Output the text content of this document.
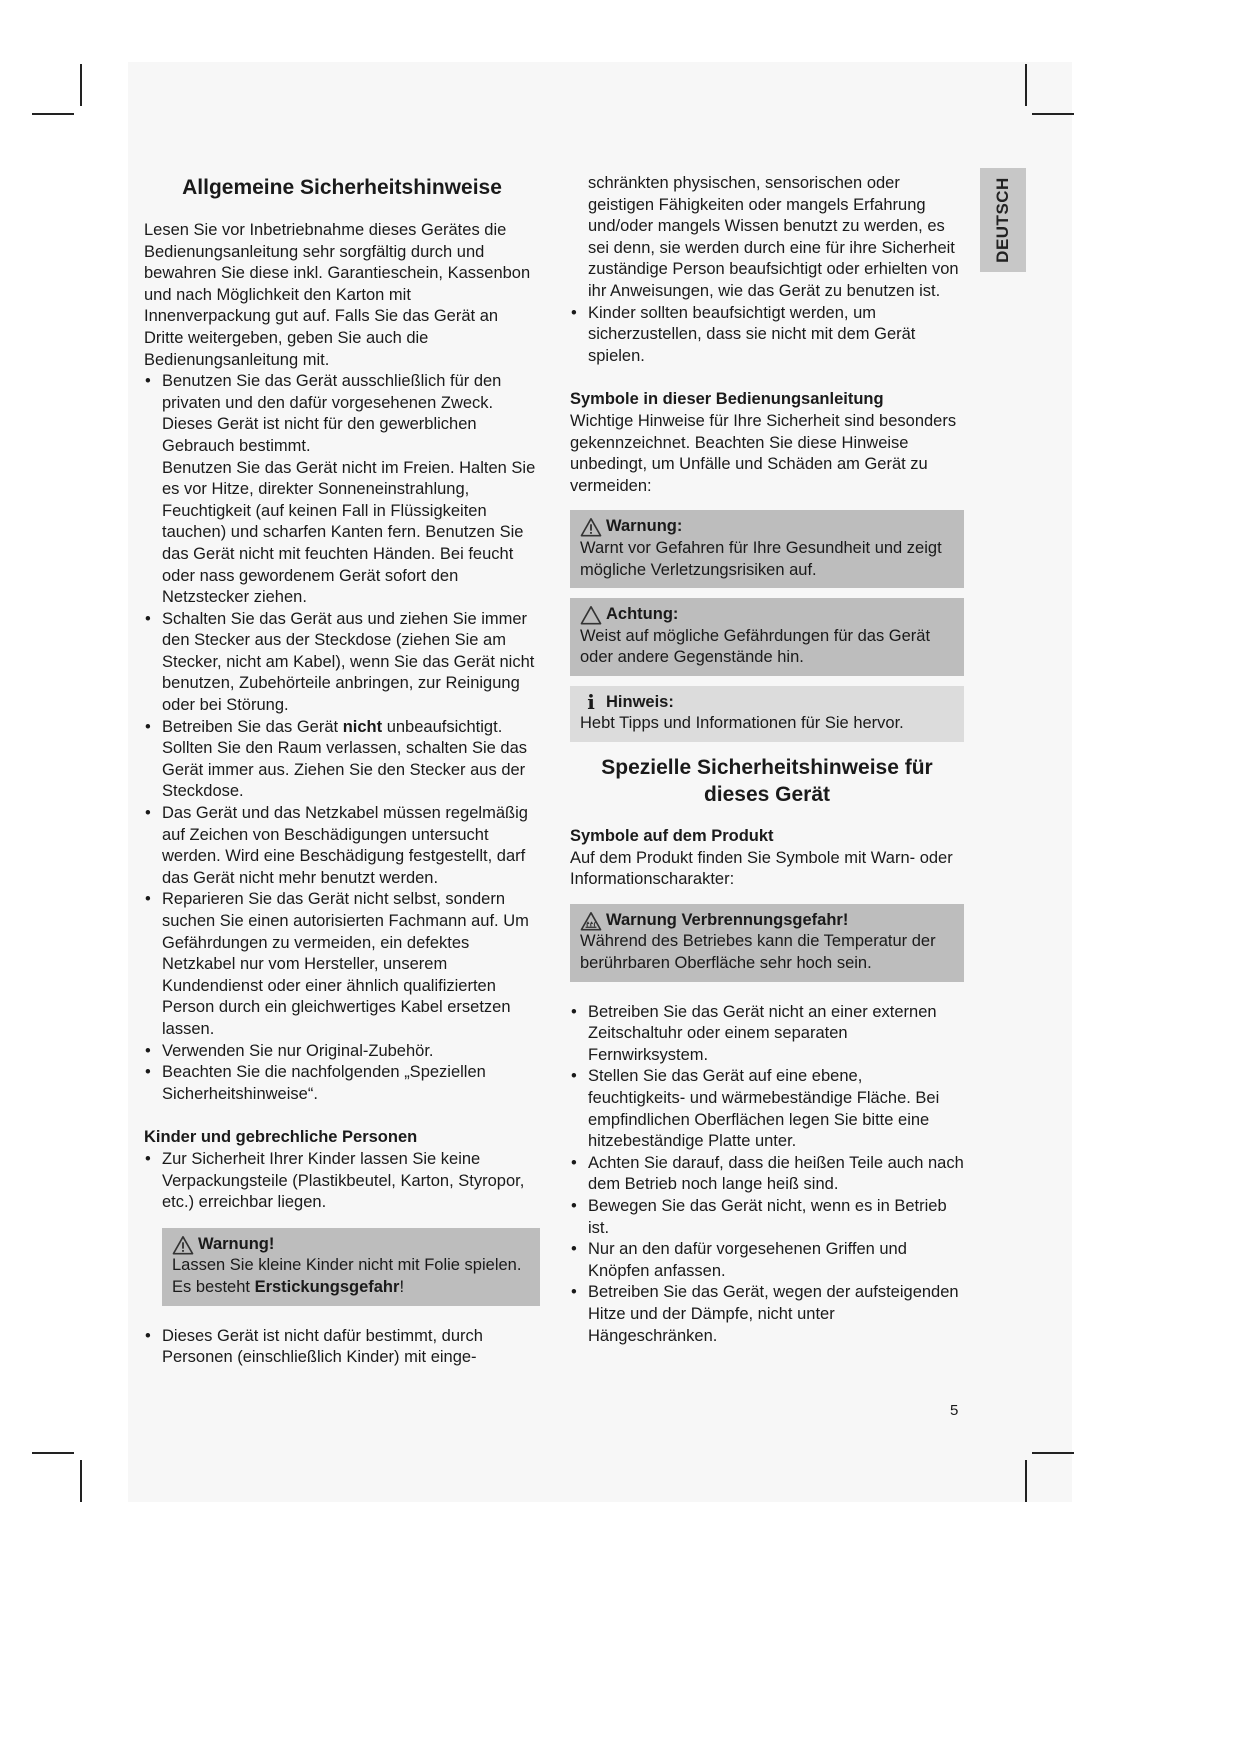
DEUTSCH
Allgemeine Sicherheitshinweise

Lesen Sie vor Inbetriebnahme dieses Gerätes die Bedienungsanleitung sehr sorgfältig durch und bewahren Sie diese inkl. Garantieschein, Kassenbon und nach Möglichkeit den Karton mit Innenverpackung gut auf. Falls Sie das Gerät an Dritte weitergeben, geben Sie auch die Bedienungsanleitung mit.

• Benutzen Sie das Gerät ausschließlich für den privaten und den dafür vorgesehenen Zweck. Dieses Gerät ist nicht für den gewerblichen Gebrauch bestimmt.

Benutzen Sie das Gerät nicht im Freien. Halten Sie es vor Hitze, direkter Sonneneinstrahlung, Feuchtigkeit (auf keinen Fall in Flüssigkeiten tauchen) und scharfen Kanten fern. Benutzen Sie das Gerät nicht mit feuchten Händen. Bei feucht oder nass gewordenem Gerät sofort den Netzstecker ziehen.

• Schalten Sie das Gerät aus und ziehen Sie immer den Stecker aus der Steckdose (ziehen Sie am Stecker, nicht am Kabel), wenn Sie das Gerät nicht benutzen, Zubehörteile anbringen, zur Reinigung oder bei Störung.
• Betreiben Sie das Gerät nicht unbeaufsichtigt. Sollten Sie den Raum verlassen, schalten Sie das Gerät immer aus. Ziehen Sie den Stecker aus der Steckdose.
• Das Gerät und das Netzkabel müssen regelmäßig auf Zeichen von Beschädigungen untersucht werden. Wird eine Beschädigung festgestellt, darf das Gerät nicht mehr benutzt werden.
• Reparieren Sie das Gerät nicht selbst, sondern suchen Sie einen autorisierten Fachmann auf. Um Gefährdungen zu vermeiden, ein defektes Netzkabel nur vom Hersteller, unserem Kundendienst oder einer ähnlich qualifizierten Person durch ein gleichwertiges Kabel ersetzen lassen.
• Verwenden Sie nur Original-Zubehör.
• Beachten Sie die nachfolgenden „Speziellen Sicherheitshinweise“.

Kinder und gebrechliche Personen

• Zur Sicherheit Ihrer Kinder lassen Sie keine Verpackungsteile (Plastikbeutel, Karton, Styropor, etc.) erreichbar liegen.
Warnung!
Lassen Sie kleine Kinder nicht mit Folie spielen. Es besteht Erstickungsgefahr!
• Dieses Gerät ist nicht dafür bestimmt, durch Personen (einschließlich Kinder) mit einge-

schränkten physischen, sensorischen oder geistigen Fähigkeiten oder mangels Erfahrung und/oder mangels Wissen benutzt zu werden, es sei denn, sie werden durch eine für ihre Sicherheit zuständige Person beaufsichtigt oder erhielten von ihr Anweisungen, wie das Gerät zu benutzen ist.

• Kinder sollten beaufsichtigt werden, um sicherzustellen, dass sie nicht mit dem Gerät spielen.

Symbole in dieser Bedienungsanleitung

Wichtige Hinweise für Ihre Sicherheit sind besonders gekennzeichnet. Beachten Sie diese Hinweise unbedingt, um Unfälle und Schäden am Gerät zu vermeiden:

Warnung:
Warnt vor Gefahren für Ihre Gesundheit und zeigt mögliche Verletzungsrisiken auf.
Achtung:
Weist auf mögliche Gefährdungen für das Gerät oder andere Gegenstände hin.
i Hinweis:
Hebt Tipps und Informationen für Sie hervor.
Spezielle Sicherheitshinweise für dieses Gerät

Symbole auf dem Produkt

Auf dem Produkt finden Sie Symbole mit Warn- oder Informationscharakter:

Warnung Verbrennungsgefahr!
Während des Betriebes kann die Temperatur der berührbaren Oberfläche sehr hoch sein.
• Betreiben Sie das Gerät nicht an einer externen Zeitschaltuhr oder einem separaten Fernwirksystem.
• Stellen Sie das Gerät auf eine ebene, feuchtigkeits- und wärmebeständige Fläche. Bei empfindlichen Oberflächen legen Sie bitte eine hitzebeständige Platte unter.
• Achten Sie darauf, dass die heißen Teile auch nach dem Betrieb noch lange heiß sind.
• Bewegen Sie das Gerät nicht, wenn es in Betrieb ist.
• Nur an den dafür vorgesehenen Griffen und Knöpfen anfassen.
• Betreiben Sie das Gerät, wegen der aufsteigenden Hitze und der Dämpfe, nicht unter Hängeschränken.
5
